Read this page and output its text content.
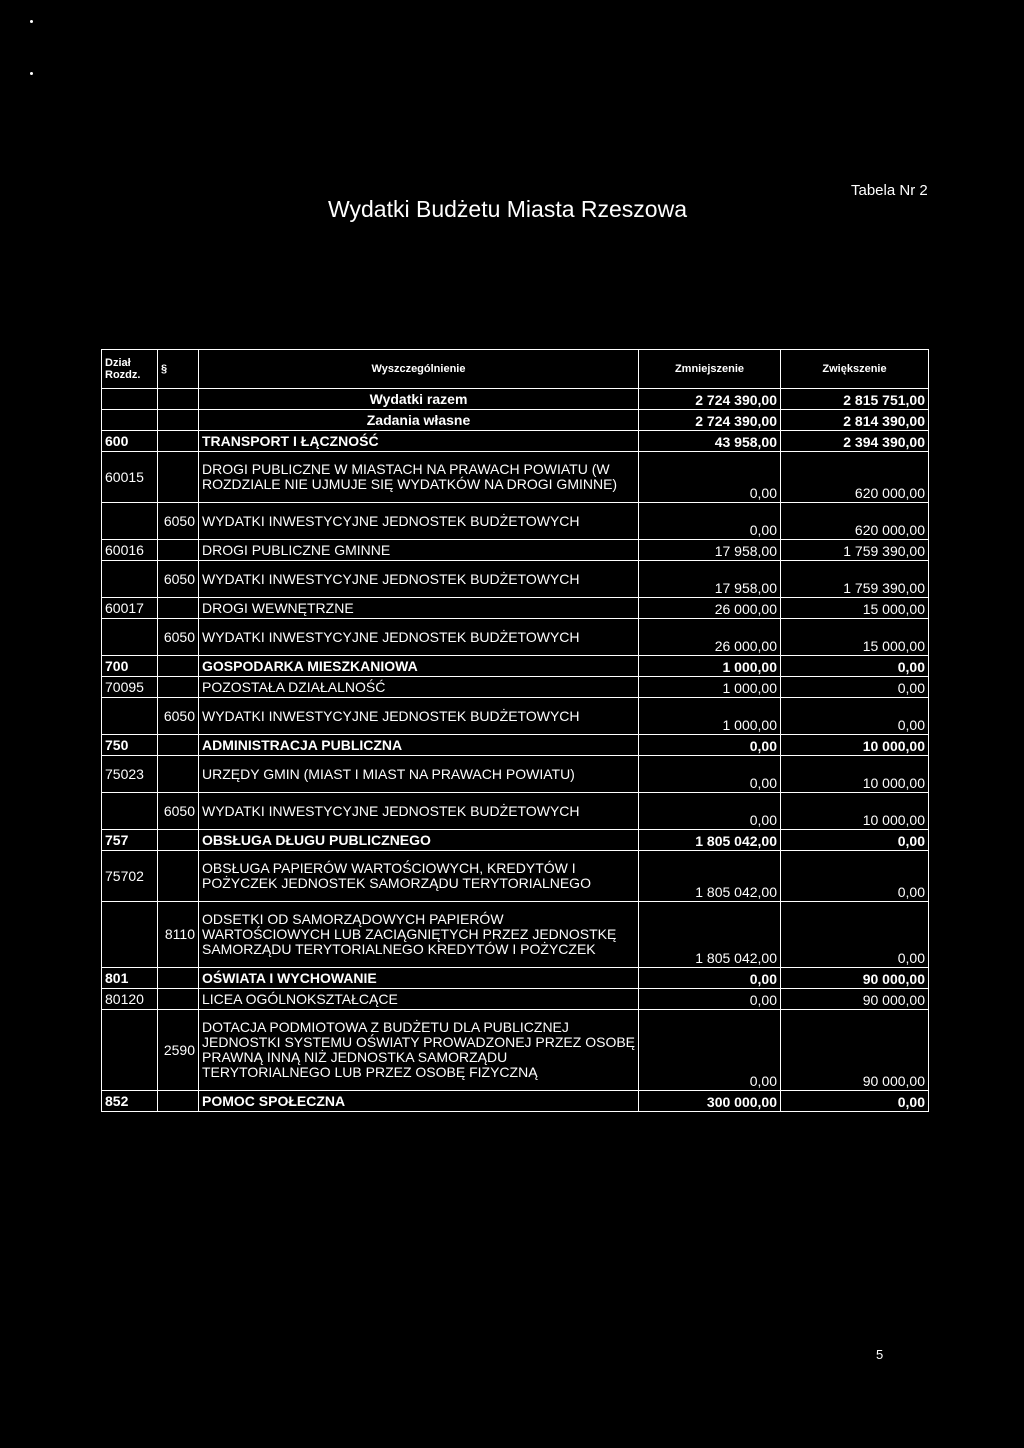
Wydatki Budżetu Miasta Rzeszowa
Tabela Nr 2
Dział Rozdz.	§	Wyszczególnienie	Zmniejszenie	Zwiększenie
		Wydatki razem	2 724 390,00	2 815 751,00
		Zadania własne	2 724 390,00	2 814 390,00
600		TRANSPORT I ŁĄCZNOŚĆ	43 958,00	2 394 390,00
60015		DROGI PUBLICZNE W MIASTACH NA PRAWACH POWIATU (W ROZDZIALE NIE UJMUJE SIĘ WYDATKÓW NA DROGI GMINNE)	0,00	620 000,00
	6050	WYDATKI INWESTYCYJNE JEDNOSTEK BUDŻETOWYCH	0,00	620 000,00
60016		DROGI PUBLICZNE GMINNE	17 958,00	1 759 390,00
	6050	WYDATKI INWESTYCYJNE JEDNOSTEK BUDŻETOWYCH	17 958,00	1 759 390,00
60017		DROGI WEWNĘTRZNE	26 000,00	15 000,00
	6050	WYDATKI INWESTYCYJNE JEDNOSTEK BUDŻETOWYCH	26 000,00	15 000,00
700		GOSPODARKA MIESZKANIOWA	1 000,00	0,00
70095		POZOSTAŁA DZIAŁALNOŚĆ	1 000,00	0,00
	6050	WYDATKI INWESTYCYJNE JEDNOSTEK BUDŻETOWYCH	1 000,00	0,00
750		ADMINISTRACJA PUBLICZNA	0,00	10 000,00
75023		URZĘDY GMIN (MIAST I MIAST NA PRAWACH POWIATU)	0,00	10 000,00
	6050	WYDATKI INWESTYCYJNE JEDNOSTEK BUDŻETOWYCH	0,00	10 000,00
757		OBSŁUGA DŁUGU PUBLICZNEGO	1 805 042,00	0,00
75702		OBSŁUGA PAPIERÓW WARTOŚCIOWYCH, KREDYTÓW I POŻYCZEK JEDNOSTEK SAMORZĄDU TERYTORIALNEGO	1 805 042,00	0,00
	8110	ODSETKI OD SAMORZĄDOWYCH PAPIERÓW WARTOŚCIOWYCH LUB ZACIĄGNIĘTYCH PRZEZ JEDNOSTKĘ SAMORZĄDU TERYTORIALNEGO KREDYTÓW I POŻYCZEK	1 805 042,00	0,00
801		OŚWIATA I WYCHOWANIE	0,00	90 000,00
80120		LICEA OGÓLNOKSZTAŁCĄCE	0,00	90 000,00
	2590	DOTACJA PODMIOTOWA Z BUDŻETU DLA PUBLICZNEJ JEDNOSTKI SYSTEMU OŚWIATY PROWADZONEJ PRZEZ OSOBĘ PRAWNĄ INNĄ NIŻ JEDNOSTKA SAMORZĄDU TERYTORIALNEGO LUB PRZEZ OSOBĘ FIZYCZNĄ	0,00	90 000,00
852		POMOC SPOŁECZNA	300 000,00	0,00
5
